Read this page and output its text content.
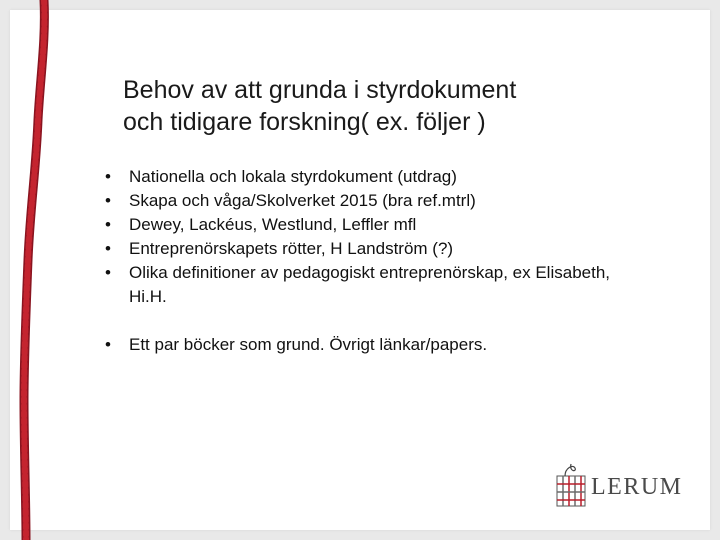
Behov av att grunda i styrdokument
och tidigare forskning( ex. följer )
• Nationella och lokala styrdokument (utdrag)
• Skapa och våga/Skolverket 2015 (bra ref.mtrl)
• Dewey, Lackéus, Westlund, Leffler mfl
• Entreprenörskapets rötter, H Landström (?)
• Olika definitioner av pedagogiskt entreprenörskap, ex Elisabeth, Hi.H.
• Ett par böcker som grund. Övrigt länkar/papers.
LERUM
